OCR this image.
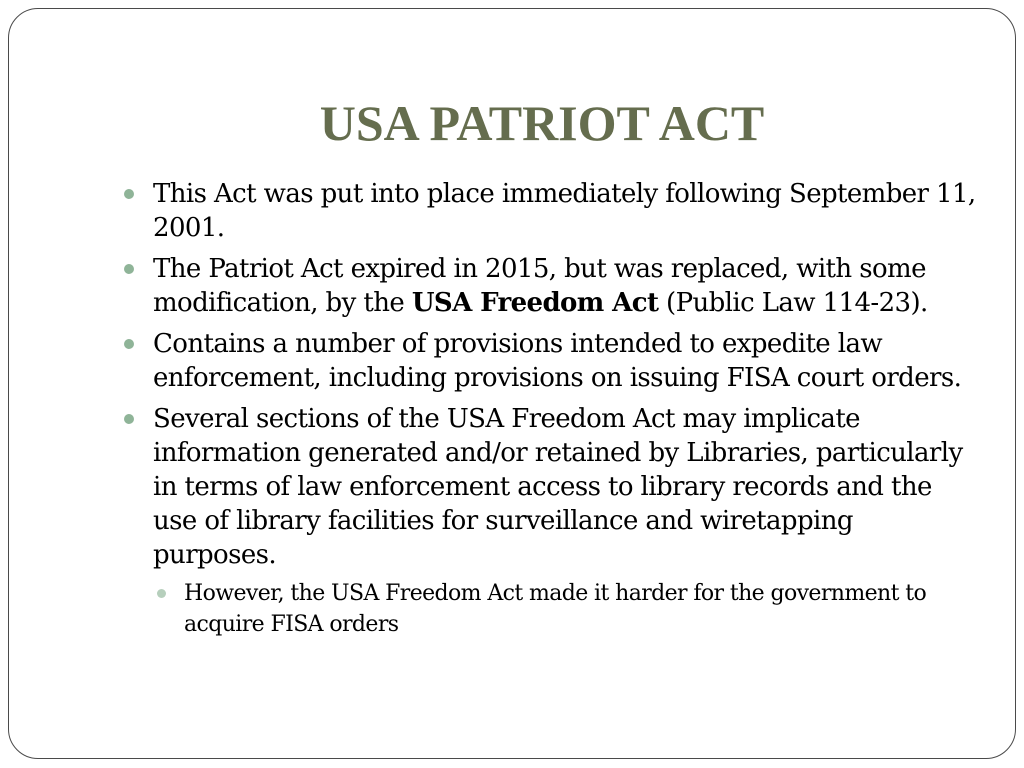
USA PATRIOT ACT
This Act was put into place immediately following September 11, 2001.
The Patriot Act expired in 2015, but was replaced, with some modification, by the USA Freedom Act (Public Law 114-23).
Contains a number of provisions intended to expedite law enforcement, including provisions on issuing FISA court orders.
Several sections of the USA Freedom Act may implicate information generated and/or retained by Libraries, particularly in terms of law enforcement access to library records and the use of library facilities for surveillance and wiretapping purposes.
However, the USA Freedom Act made it harder for the government to acquire FISA orders
